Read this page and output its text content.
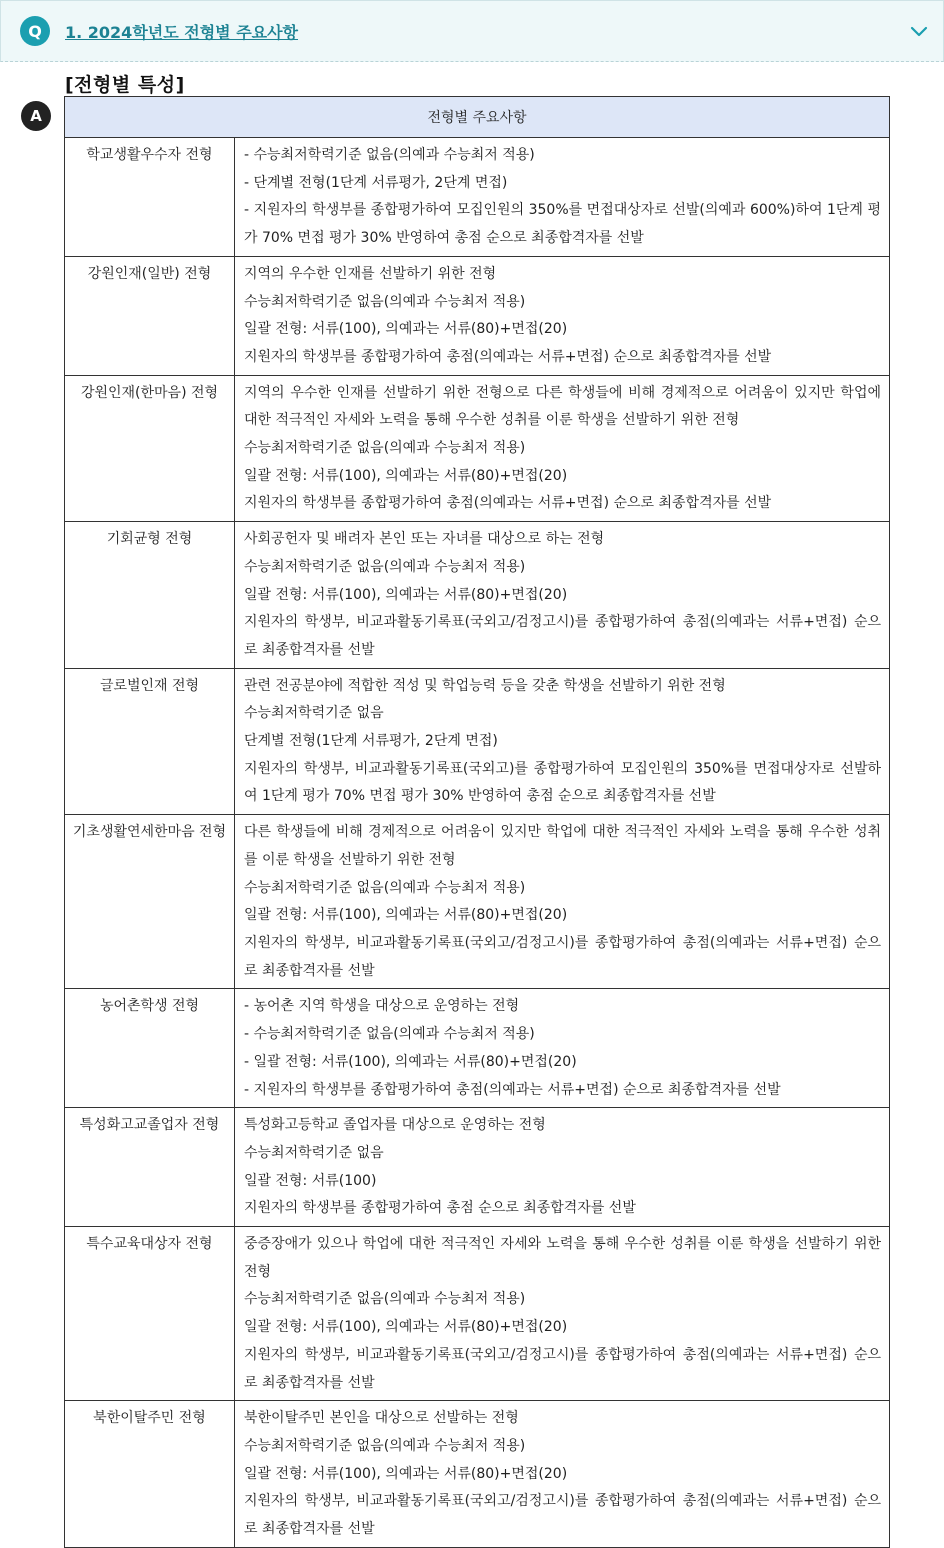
Q	1. 2024학년도 전형별 주요사항
A
[전형별 특성]
전형별 주요사항	
학교생활우수자 전형	- 수능최저학력기준 없음(의예과 수능최저 적용)
- 단계별 전형(1단계 서류평가, 2단계 면접)
- 지원자의 학생부를 종합평가하여 모집인원의 350%를 면접대상자로 선발(의예과 600%)하여 1단계 평가 70% 면접 평가 30% 반영하여 총점 순으로 최종합격자를 선발

강원인재(일반) 전형	지역의 우수한 인재를 선발하기 위한 전형
수능최저학력기준 없음(의예과 수능최저 적용)
일괄 전형: 서류(100), 의예과는 서류(80)+면접(20)
지원자의 학생부를 종합평가하여 총점(의예과는 서류+면접) 순으로 최종합격자를 선발

강원인재(한마음) 전형	지역의 우수한 인재를 선발하기 위한 전형으로 다른 학생들에 비해 경제적으로 어려움이 있지만 학업에 대한 적극적인 자세와 노력을 통해 우수한 성취를 이룬 학생을 선발하기 위한 전형
수능최저학력기준 없음(의예과 수능최저 적용)
일괄 전형: 서류(100), 의예과는 서류(80)+면접(20)
지원자의 학생부를 종합평가하여 총점(의예과는 서류+면접) 순으로 최종합격자를 선발

기회균형 전형	사회공헌자 및 배려자 본인 또는 자녀를 대상으로 하는 전형
수능최저학력기준 없음(의예과 수능최저 적용)
일괄 전형: 서류(100), 의예과는 서류(80)+면접(20)
지원자의 학생부, 비교과활동기록표(국외고/검정고시)를 종합평가하여 총점(의예과는 서류+면접) 순으로 최종합격자를 선발

글로벌인재 전형	관련 전공분야에 적합한 적성 및 학업능력 등을 갖춘 학생을 선발하기 위한 전형
수능최저학력기준 없음
단계별 전형(1단계 서류평가, 2단계 면접)
지원자의 학생부, 비교과활동기록표(국외고)를 종합평가하여 모집인원의 350%를 면접대상자로 선발하여 1단계 평가 70% 면접 평가 30% 반영하여 총점 순으로 최종합격자를 선발

기초생활연세한마음 전형	다른 학생들에 비해 경제적으로 어려움이 있지만 학업에 대한 적극적인 자세와 노력을 통해 우수한 성취를 이룬 학생을 선발하기 위한 전형
수능최저학력기준 없음(의예과 수능최저 적용)
일괄 전형: 서류(100), 의예과는 서류(80)+면접(20)
지원자의 학생부, 비교과활동기록표(국외고/검정고시)를 종합평가하여 총점(의예과는 서류+면접) 순으로 최종합격자를 선발

농어촌학생 전형	- 농어촌 지역 학생을 대상으로 운영하는 전형
- 수능최저학력기준 없음(의예과 수능최저 적용)
- 일괄 전형: 서류(100), 의예과는 서류(80)+면접(20)
- 지원자의 학생부를 종합평가하여 총점(의예과는 서류+면접) 순으로 최종합격자를 선발

특성화고교졸업자 전형	특성화고등학교 졸업자를 대상으로 운영하는 전형
수능최저학력기준 없음
일괄 전형: 서류(100)
지원자의 학생부를 종합평가하여 총점 순으로 최종합격자를 선발

특수교육대상자 전형	중증장애가 있으나 학업에 대한 적극적인 자세와 노력을 통해 우수한 성취를 이룬 학생을 선발하기 위한 전형
수능최저학력기준 없음(의예과 수능최저 적용)
일괄 전형: 서류(100), 의예과는 서류(80)+면접(20)
지원자의 학생부, 비교과활동기록표(국외고/검정고시)를 종합평가하여 총점(의예과는 서류+면접) 순으로 최종합격자를 선발

북한이탈주민 전형	북한이탈주민 본인을 대상으로 선발하는 전형
수능최저학력기준 없음(의예과 수능최저 적용)
일괄 전형: 서류(100), 의예과는 서류(80)+면접(20)
지원자의 학생부, 비교과활동기록표(국외고/검정고시)를 종합평가하여 총점(의예과는 서류+면접) 순으로 최종합격자를 선발
